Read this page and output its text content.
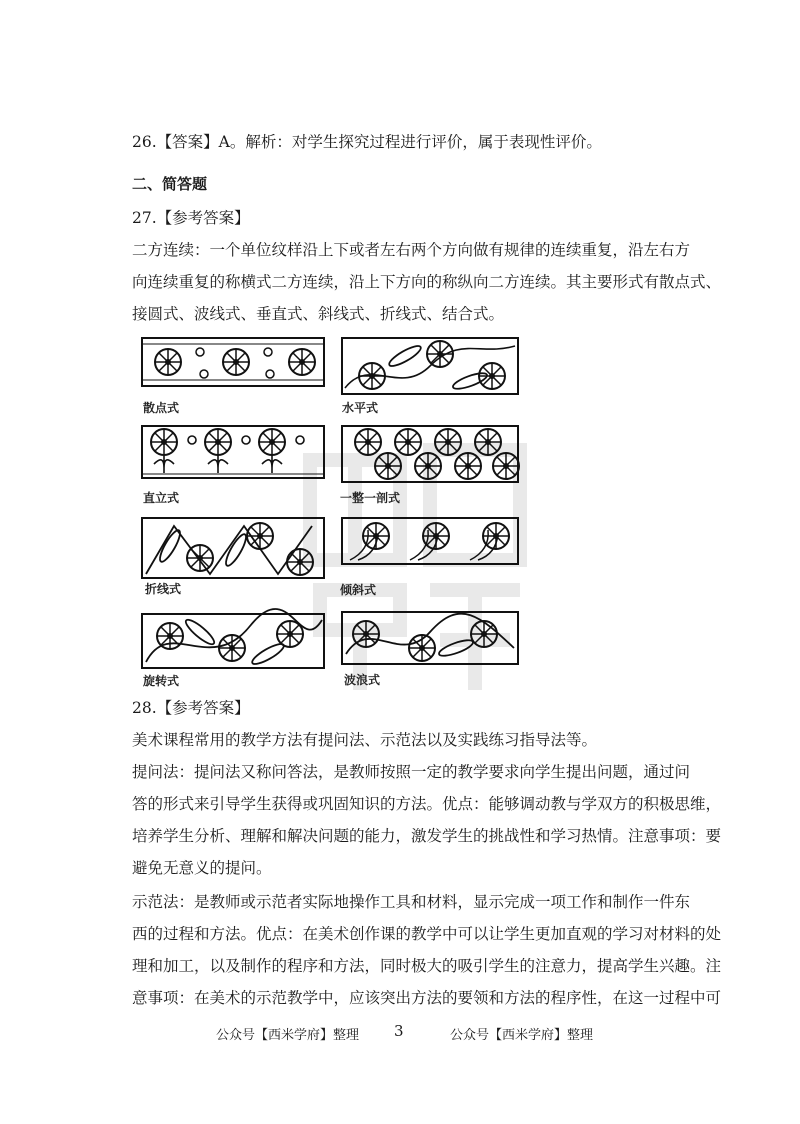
26.【答案】A。解析：对学生探究过程进行评价，属于表现性评价。
二、简答题
27.【参考答案】
二方连续：一个单位纹样沿上下或者左右两个方向做有规律的连续重复，沿左右方
向连续重复的称横式二方连续，沿上下方向的称纵向二方连续。其主要形式有散点式、
接圆式、波线式、垂直式、斜线式、折线式、结合式。
散点式	水平式
直立式	一整一剖式
折线式	倾斜式
旋转式	波浪式
28.【参考答案】
美术课程常用的教学方法有提问法、示范法以及实践练习指导法等。
提问法：提问法又称问答法，是教师按照一定的教学要求向学生提出问题，通过问
答的形式来引导学生获得或巩固知识的方法。优点：能够调动教与学双方的积极思维，
培养学生分析、理解和解决问题的能力，激发学生的挑战性和学习热情。注意事项：要
避免无意义的提问。
示范法：是教师或示范者实际地操作工具和材料，显示完成一项工作和制作一件东
西的过程和方法。优点：在美术创作课的教学中可以让学生更加直观的学习对材料的处
理和加工，以及制作的程序和方法，同时极大的吸引学生的注意力，提高学生兴趣。注
意事项：在美术的示范教学中，应该突出方法的要领和方法的程序性，在这一过程中可
公众号【西米学府】整理 3	公众号【西米学府】整理
